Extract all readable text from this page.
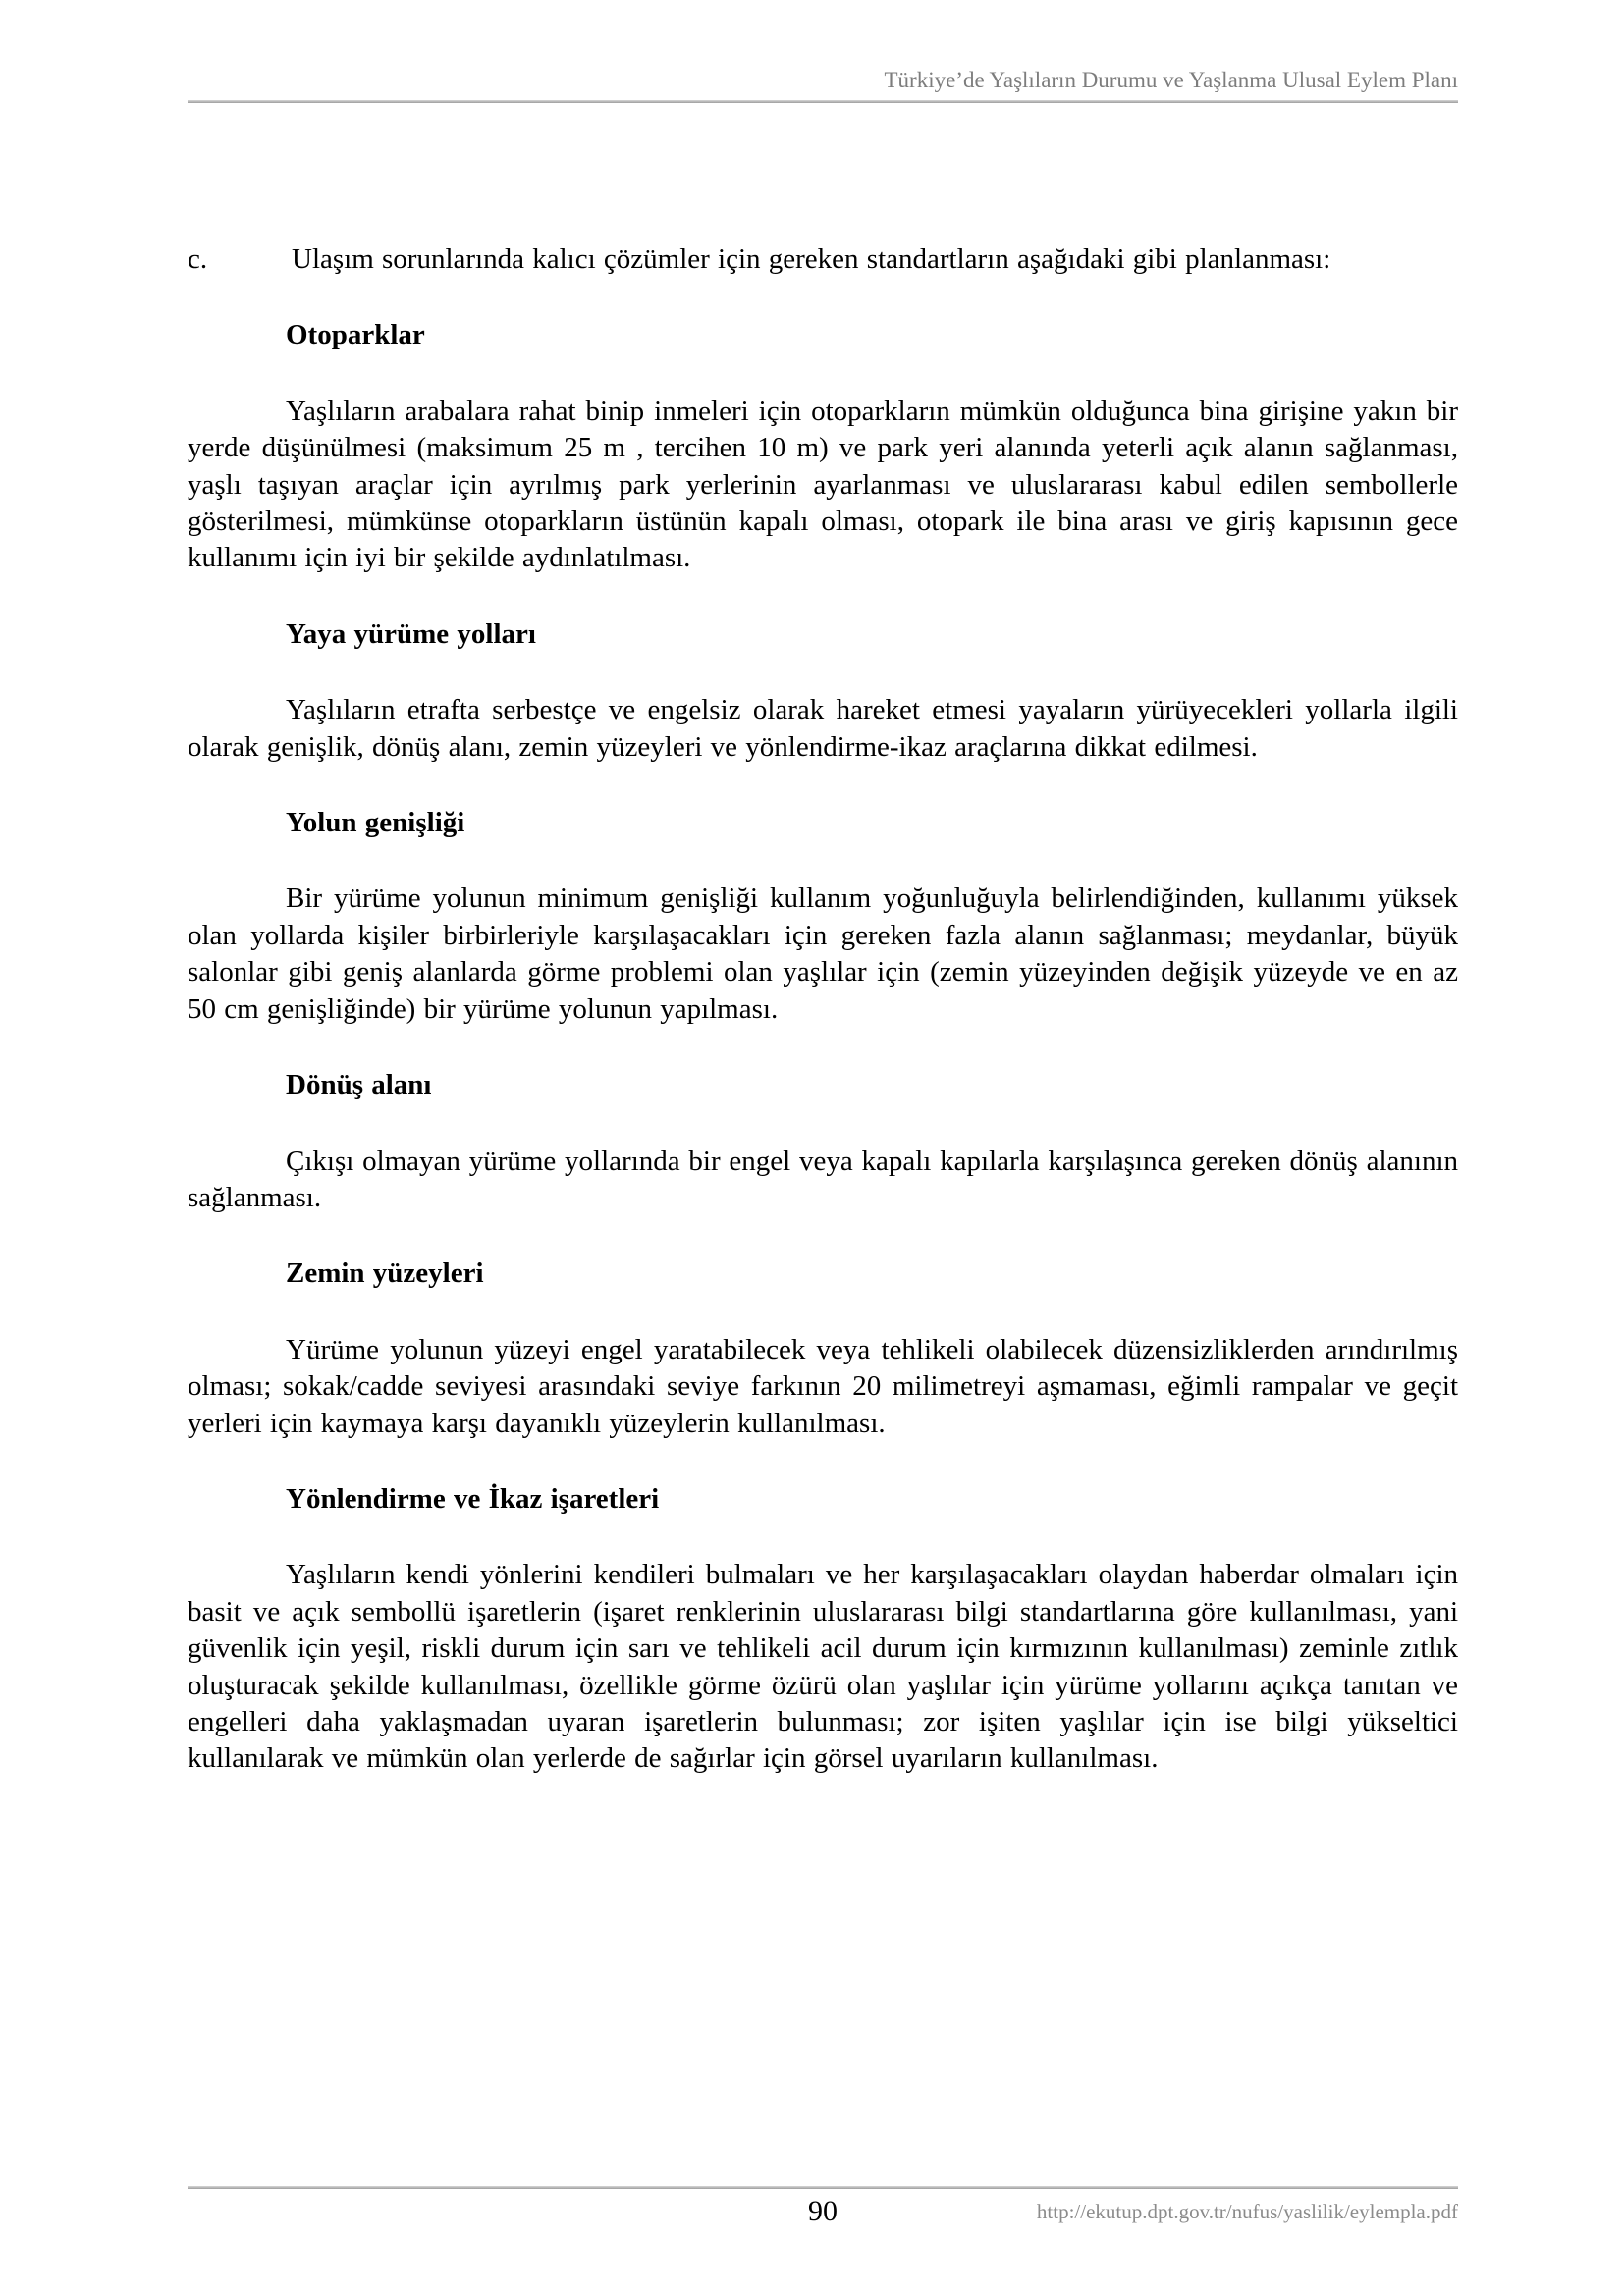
Türkiye’de Yaşlıların Durumu ve Yaşlanma Ulusal Eylem Planı

c.	Ulaşım sorunlarında kalıcı çözümler için gereken standartların aşağıdaki gibi planlanması:

Otoparklar

Yaşlıların arabalara rahat binip inmeleri için otoparkların mümkün olduğunca bina girişine yakın bir yerde düşünülmesi (maksimum 25 m , tercihen 10 m) ve park yeri alanında yeterli açık alanın sağlanması, yaşlı taşıyan araçlar için ayrılmış park yerlerinin ayarlanması ve uluslararası kabul edilen sembollerle gösterilmesi, mümkünse otoparkların üstünün kapalı olması, otopark ile bina arası ve giriş kapısının gece kullanımı için iyi bir şekilde aydınlatılması.

Yaya yürüme yolları

Yaşlıların etrafta serbestçe ve engelsiz olarak hareket etmesi yayaların yürüyecekleri yollarla ilgili olarak genişlik, dönüş alanı, zemin yüzeyleri ve yönlendirme-ikaz araçlarına dikkat edilmesi.

Yolun genişliği

Bir yürüme yolunun minimum genişliği kullanım yoğunluğuyla belirlendiğinden, kullanımı yüksek olan yollarda kişiler birbirleriyle karşılaşacakları için gereken fazla alanın sağlanması; meydanlar, büyük salonlar gibi geniş alanlarda görme problemi olan yaşlılar için (zemin yüzeyinden değişik yüzeyde ve en az 50 cm genişliğinde) bir yürüme yolunun yapılması.

Dönüş alanı

Çıkışı olmayan yürüme yollarında bir engel veya kapalı kapılarla karşılaşınca gereken dönüş alanının sağlanması.

Zemin yüzeyleri

Yürüme yolunun yüzeyi engel yaratabilecek veya tehlikeli olabilecek düzensizliklerden arındırılmış olması; sokak/cadde seviyesi arasındaki seviye farkının 20 milimetreyi aşmaması, eğimli rampalar ve geçit yerleri için kaymaya karşı dayanıklı yüzeylerin kullanılması.

Yönlendirme ve İkaz işaretleri

Yaşlıların kendi yönlerini kendileri bulmaları ve her karşılaşacakları olaydan haberdar olmaları için basit ve açık sembollü işaretlerin (işaret renklerinin uluslararası bilgi standartlarına göre kullanılması, yani güvenlik için yeşil, riskli durum için sarı ve tehlikeli acil durum için kırmızının kullanılması) zeminle zıtlık oluşturacak şekilde kullanılması, özellikle görme özürü olan yaşlılar için yürüme yollarını açıkça tanıtan ve engelleri daha yaklaşmadan uyaran işaretlerin bulunması; zor işiten yaşlılar için ise bilgi yükseltici kullanılarak ve mümkün olan yerlerde de sağırlar için görsel uyarıların kullanılması.

90	http://ekutup.dpt.gov.tr/nufus/yaslilik/eylempla.pdf
